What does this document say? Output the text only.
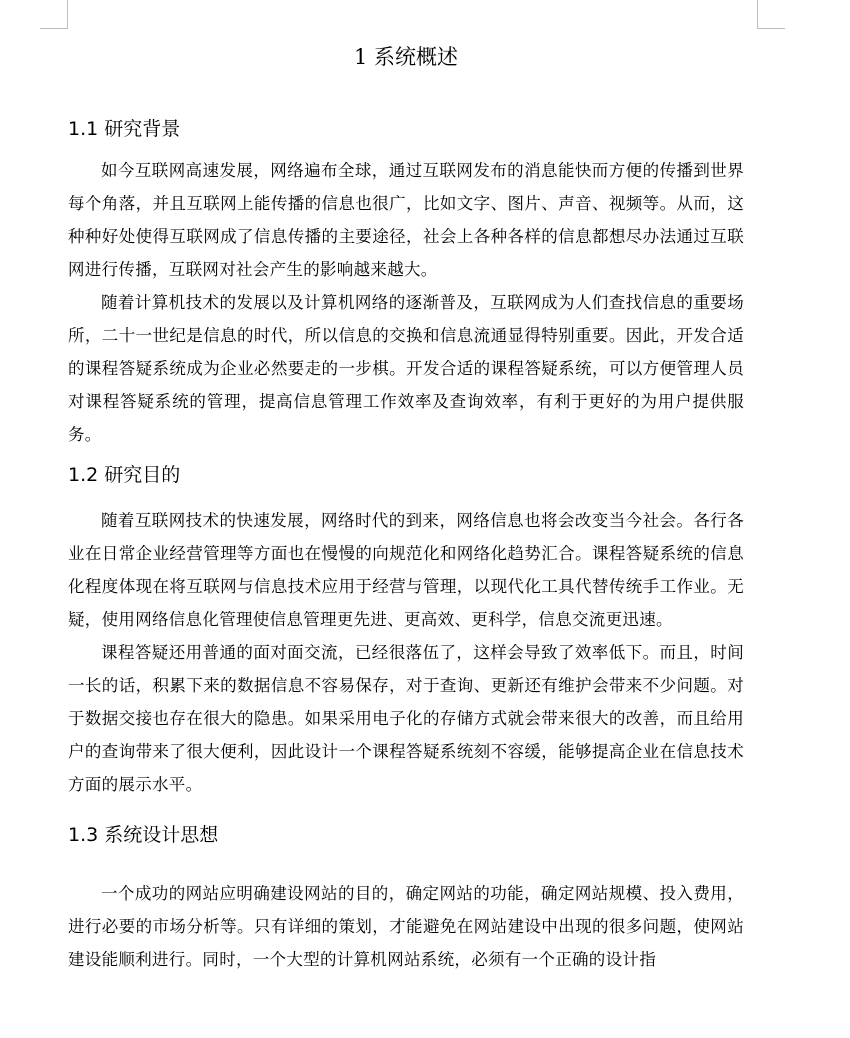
1 系统概述
1.1 研究背景

如今互联网高速发展，网络遍布全球，通过互联网发布的消息能快而方便的传播到世界每个角落，并且互联网上能传播的信息也很广，比如文字、图片、声音、视频等。从而，这种种好处使得互联网成了信息传播的主要途径，社会上各种各样的信息都想尽办法通过互联网进行传播，互联网对社会产生的影响越来越大。

随着计算机技术的发展以及计算机网络的逐渐普及，互联网成为人们查找信息的重要场所，二十一世纪是信息的时代，所以信息的交换和信息流通显得特别重要。因此，开发合适的课程答疑系统成为企业必然要走的一步棋。开发合适的课程答疑系统，可以方便管理人员对课程答疑系统的管理，提高信息管理工作效率及查询效率，有利于更好的为用户提供服务。

1.2 研究目的

随着互联网技术的快速发展，网络时代的到来，网络信息也将会改变当今社会。各行各业在日常企业经营管理等方面也在慢慢的向规范化和网络化趋势汇合。课程答疑系统的信息化程度体现在将互联网与信息技术应用于经营与管理，以现代化工具代替传统手工作业。无疑，使用网络信息化管理使信息管理更先进、更高效、更科学，信息交流更迅速。

课程答疑还用普通的面对面交流，已经很落伍了，这样会导致了效率低下。而且，时间一长的话，积累下来的数据信息不容易保存，对于查询、更新还有维护会带来不少问题。对于数据交接也存在很大的隐患。如果采用电子化的存储方式就会带来很大的改善，而且给用户的查询带来了很大便利，因此设计一个课程答疑系统刻不容缓，能够提高企业在信息技术方面的展示水平。

1.3 系统设计思想

一个成功的网站应明确建设网站的目的，确定网站的功能，确定网站规模、投入费用，进行必要的市场分析等。只有详细的策划，才能避免在网站建设中出现的很多问题，使网站建设能顺利进行。同时，一个大型的计算机网站系统，必须有一个正确的设计指
